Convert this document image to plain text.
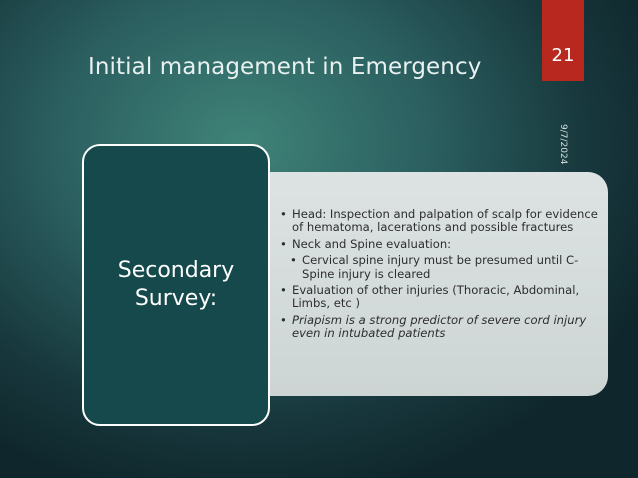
Initial management in Emergency	21
9/7/2024
• Head: Inspection and palpation of scalp for evidence of hematoma, lacerations and possible fractures
• Neck and Spine evaluation:
• Cervical spine injury must be presumed until C-Spine injury is cleared
• Evaluation of other injuries (Thoracic, Abdominal, Limbs, etc )
• Priapism is a strong predictor of severe cord injury even in intubated patients
Secondary
Survey:
